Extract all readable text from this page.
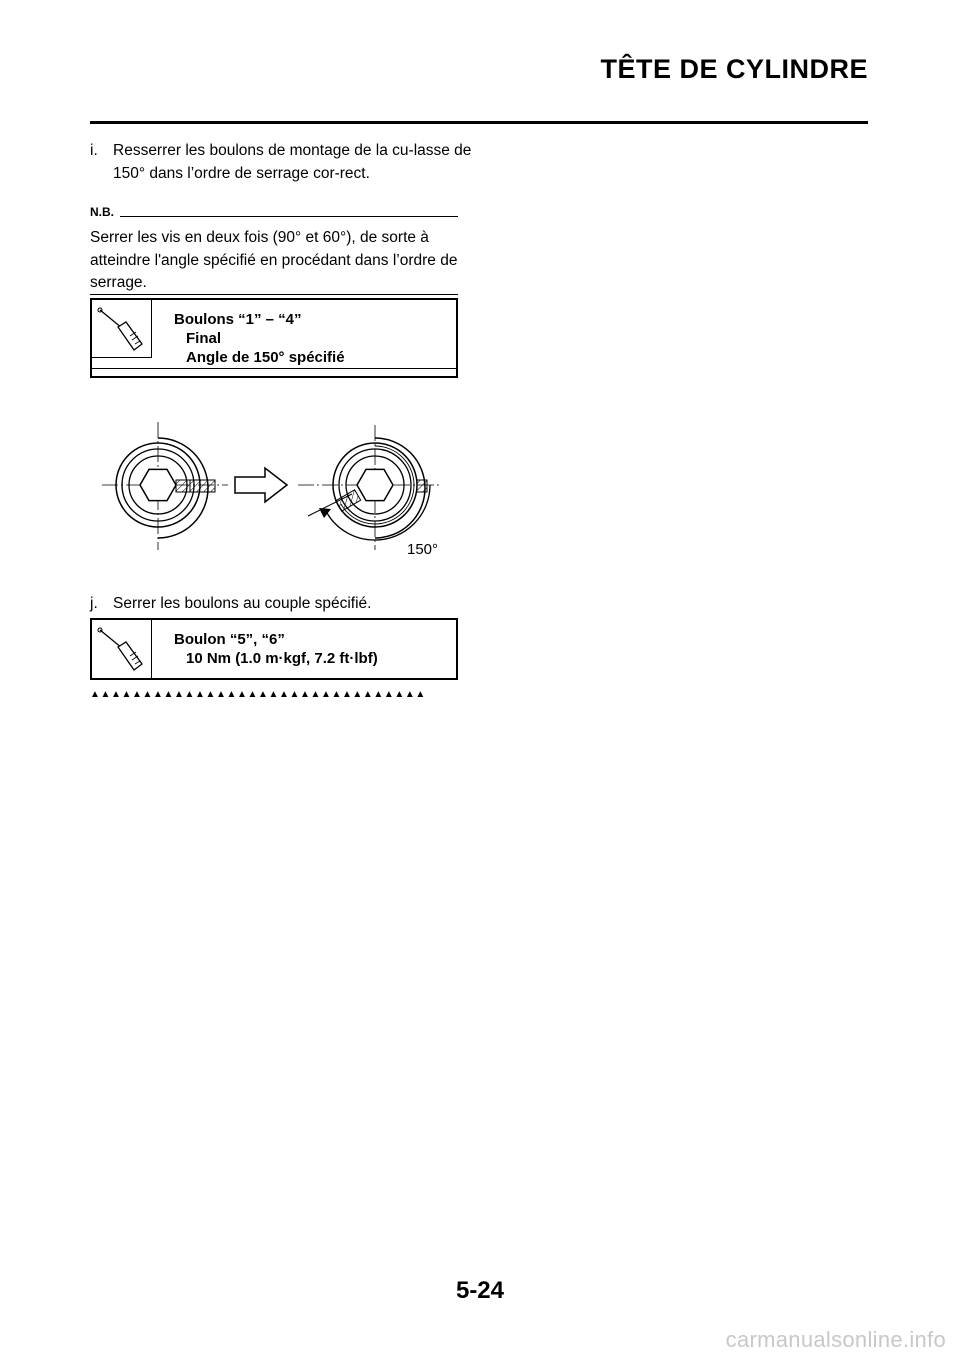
TÊTE DE CYLINDRE
i. Resserrer les boulons de montage de la cu-lasse de 150° dans l’ordre de serrage cor-rect.
N.B.
Serrer les vis en deux fois (90° et 60°), de sorte à atteindre l'angle spécifié en procédant dans l’ordre de serrage.
Boulons “1” – “4”
Final
Angle de 150° spécifié
150°
j. Serrer les boulons au couple spécifié.
Boulon “5”, “6”
10 Nm (1.0 m·kgf, 7.2 ft·lbf)
▲▲▲▲▲▲▲▲▲▲▲▲▲▲▲▲▲▲▲▲▲▲▲▲▲▲▲▲▲▲▲▲
5-24
carmanualsonline.info
